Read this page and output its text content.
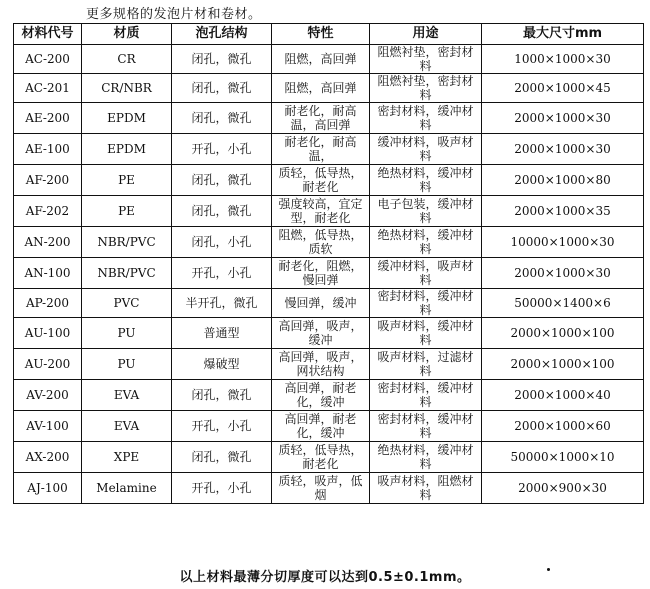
更多规格的发泡片材和卷材。
材料代号	材质	泡孔结构	特性	用途	最大尺寸mm
AC-200	CR	闭孔，微孔	阻燃，高回弹	阻燃衬垫，密封材料	1000×1000×30
AC-201	CR/NBR	闭孔，微孔	阻燃，高回弹	阻燃衬垫，密封材料	2000×1000×45
AE-200	EPDM	闭孔，微孔	耐老化，耐高温，高回弹	密封材料，缓冲材料	2000×1000×30
AE-100	EPDM	开孔，小孔	耐老化，耐高温，	缓冲材料，吸声材料	2000×1000×30
AF-200	PE	闭孔，微孔	质轻，低导热，耐老化	绝热材料，缓冲材料	2000×1000×80
AF-202	PE	闭孔，微孔	强度较高，宜定型，耐老化	电子包装，缓冲材料	2000×1000×35
AN-200	NBR/PVC	闭孔，小孔	阻燃，低导热，质软	绝热材料，缓冲材料	10000×1000×30
AN-100	NBR/PVC	开孔，小孔	耐老化，阻燃，慢回弹	缓冲材料，吸声材料	2000×1000×30
AP-200	PVC	半开孔，微孔	慢回弹，缓冲	密封材料，缓冲材料	50000×1400×6
AU-100	PU	普通型	高回弹，吸声，缓冲	吸声材料，缓冲材料	2000×1000×100
AU-200	PU	爆破型	高回弹，吸声，网状结构	吸声材料，过滤材料	2000×1000×100
AV-200	EVA	闭孔，微孔	高回弹，耐老化，缓冲	密封材料，缓冲材料	2000×1000×40
AV-100	EVA	开孔，小孔	高回弹，耐老化，缓冲	密封材料，缓冲材料	2000×1000×60
AX-200	XPE	闭孔，微孔	质轻，低导热，耐老化	绝热材料，缓冲材料	50000×1000×10
AJ-100	Melamine	开孔，小孔	质轻，吸声，低烟	吸声材料，阻燃材料	2000×900×30
以上材料最薄分切厚度可以达到0.5±0.1mm。
